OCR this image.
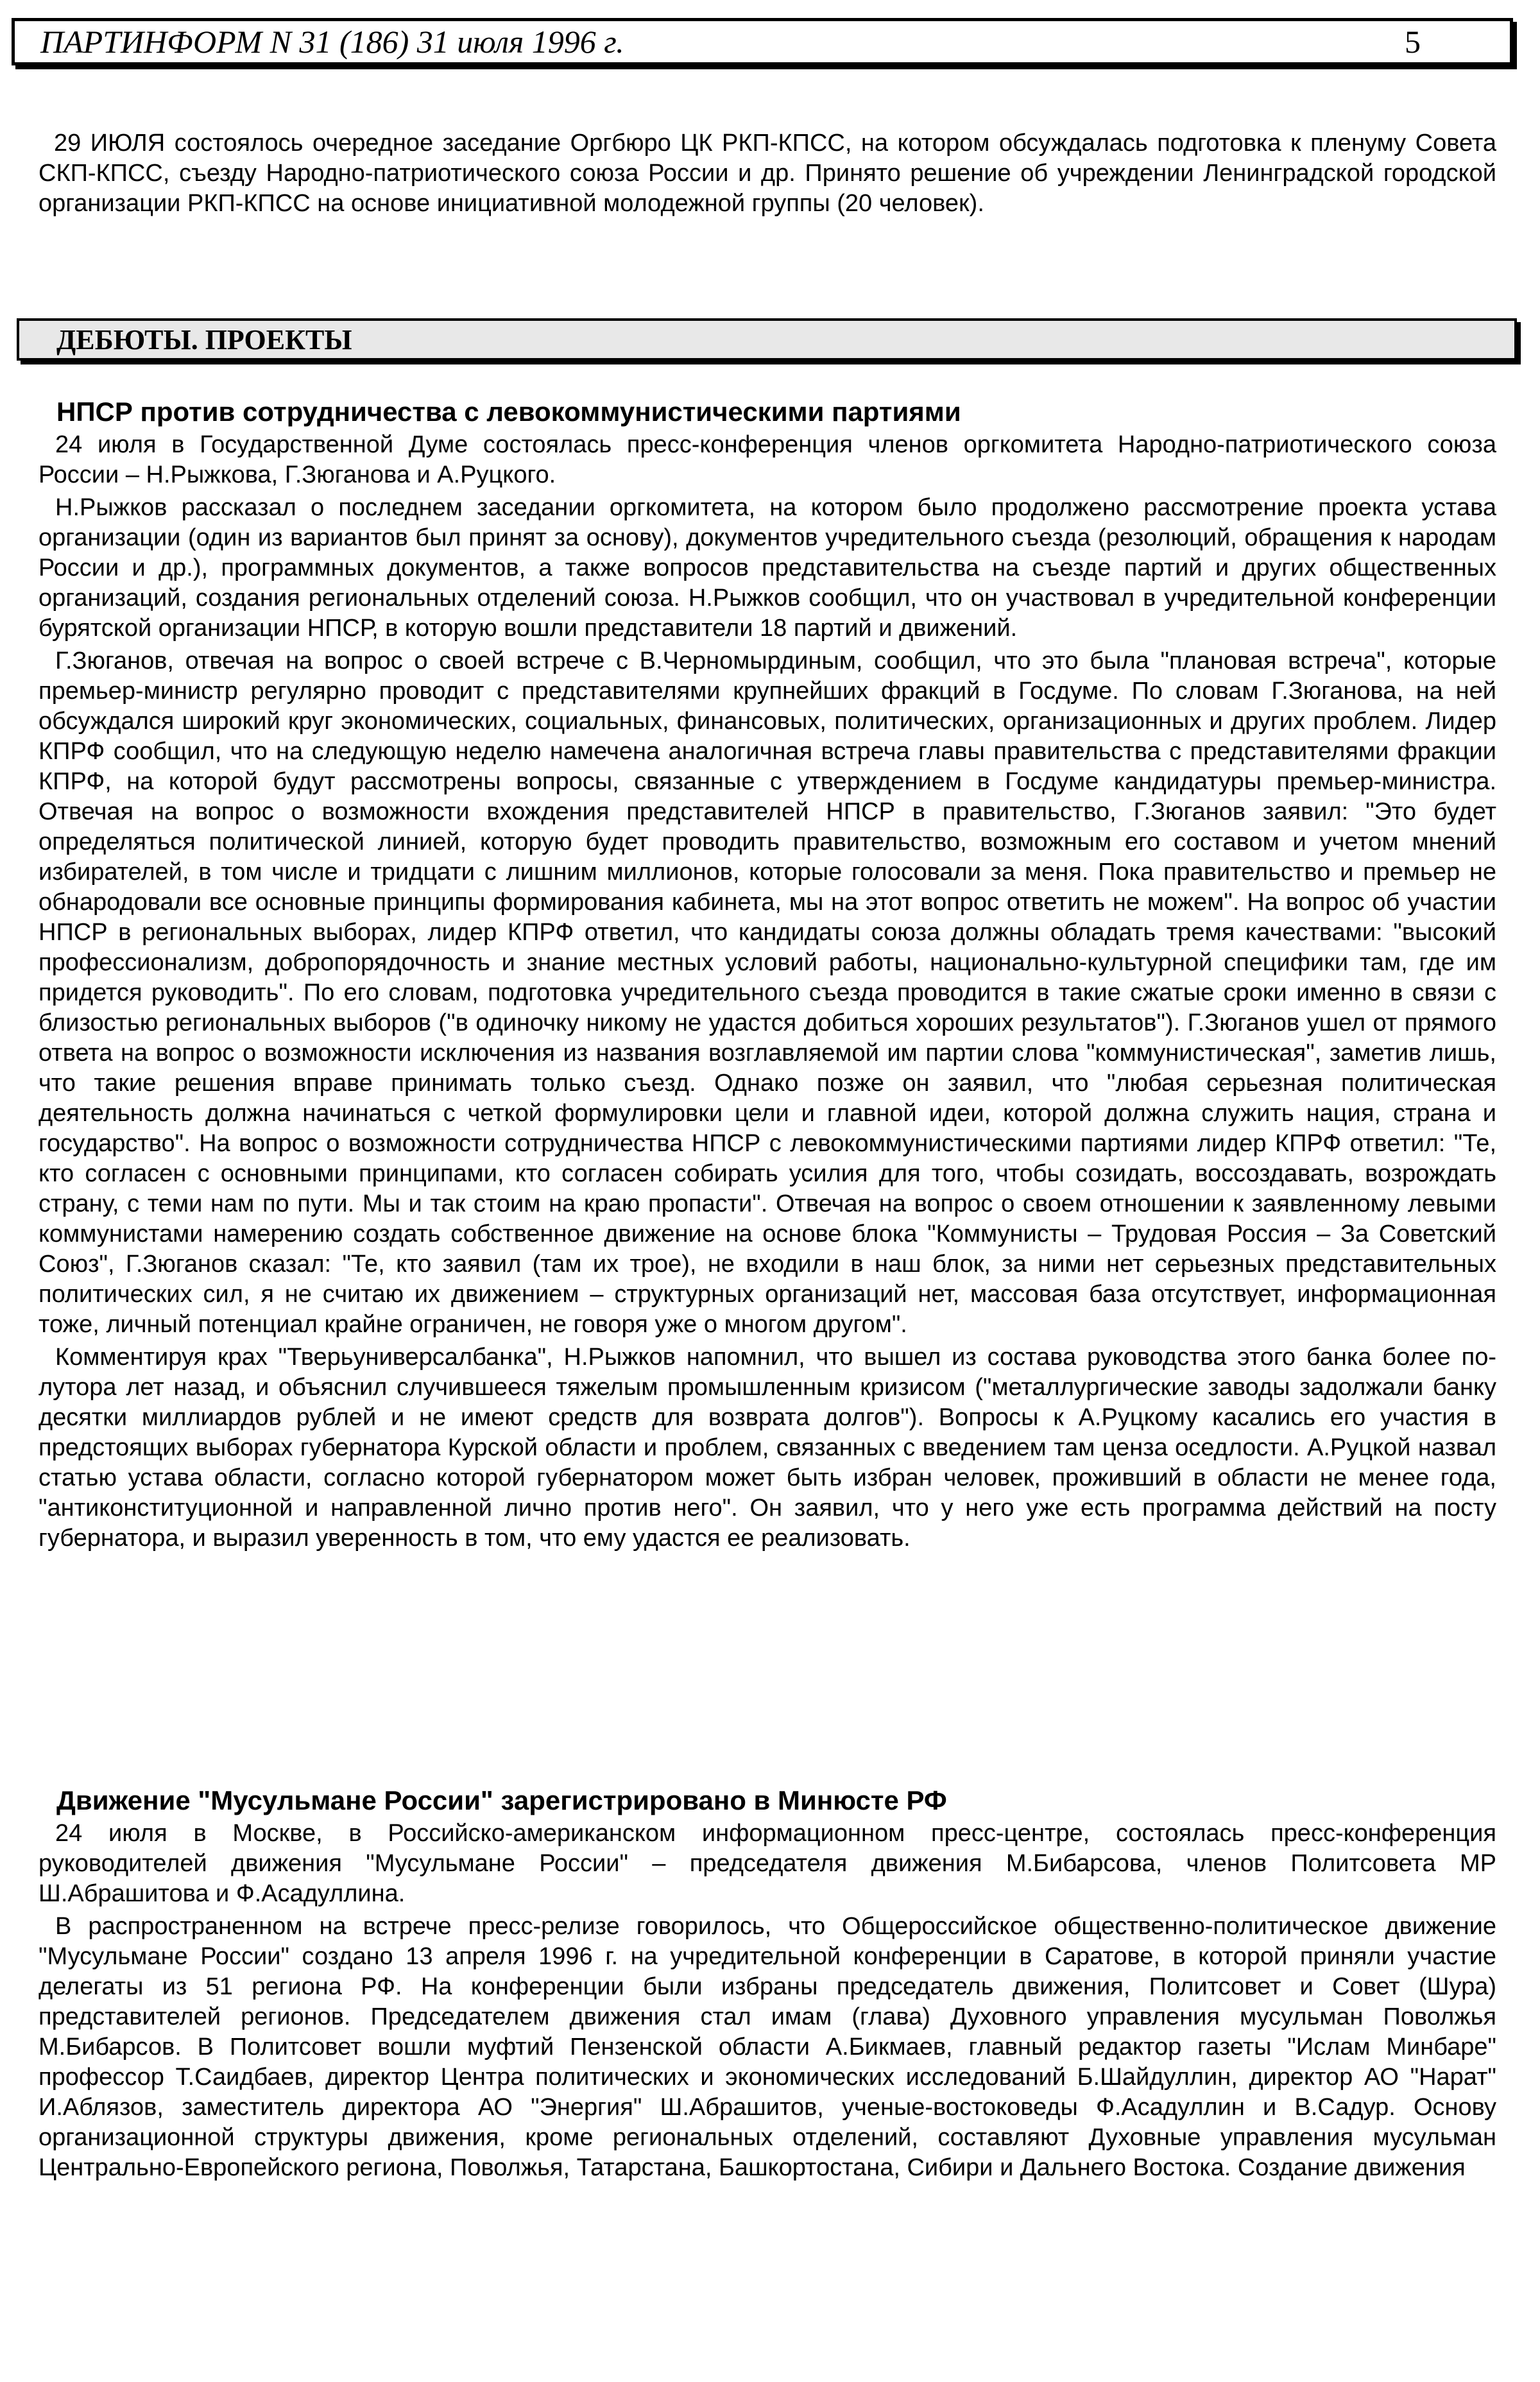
ПАРТИНФОРМ N 31 (186) 31 июля 1996 г.	5

29 ИЮЛЯ состоялось очередное заседание Оргбюро ЦК РКП-КПСС, на котором обсуждалась подготовка к пленуму Совета СКП-КПСС, съезду Народно-патриотического союза России и др. Принято решение об учреждении Ленинградской городской организации РКП-КПСС на основе инициативной молодежной группы (20 человек).

ДЕБЮТЫ. ПРОЕКТЫ
НПСР против сотрудничества с левокоммунистическими партиями

24 июля в Государственной Думе состоялась пресс-конференция членов оргкомитета Народно-патриотического союза России – Н.Рыжкова, Г.Зюганова и А.Руцкого.

Н.Рыжков рассказал о последнем заседании оргкомитета, на котором было продолжено рассмотрение проекта устава организации (один из вариантов был принят за основу), документов учредительного съезда (резолюций, обращения к народам России и др.), программных документов, а также вопросов представительства на съезде партий и других общественных организаций, создания региональных отделений союза. Н.Рыжков сообщил, что он участвовал в учредительной конференции бурятской организации НПСР, в которую вошли представители 18 партий и движений.

Г.Зюганов, отвечая на вопрос о своей встрече с В.Черномырдиным, сообщил, что это была "плановая встреча", которые премьер-министр регулярно проводит с представителями крупнейших фракций в Госдуме. По словам Г.Зюганова, на ней обсуждался широкий круг экономических, социальных, финансовых, политических, организационных и других проблем. Лидер КПРФ сообщил, что на следующую неделю намечена аналогичная встреча главы правительства с представителями фракции КПРФ, на которой будут рассмотрены вопросы, связанные с утверждением в Госдуме кандидатуры премьер-министра. Отвечая на вопрос о возможности вхождения представителей НПСР в правительство, Г.Зюганов заявил: "Это будет определяться политической линией, которую будет проводить правительство, возможным его составом и учетом мнений избирателей, в том числе и тридцати с лишним миллионов, которые голосовали за меня. Пока правительство и премьер не обнародовали все основные принципы формирования кабинета, мы на этот вопрос ответить не можем". На вопрос об участии НПСР в региональных выборах, лидер КПРФ ответил, что кандидаты союза должны обладать тремя качествами: "высокий профессионализм, добропорядочность и знание местных условий работы, национально-культурной специфики там, где им придется руководить". По его словам, подготовка учредительного съезда проводится в такие сжатые сроки именно в связи с близостью региональных выборов ("в одиночку никому не удастся добиться хороших результатов"). Г.Зюганов ушел от прямого ответа на вопрос о возможности исключения из названия возглавляемой им партии слова "коммунистическая", заметив лишь, что такие решения вправе принимать только съезд. Однако позже он заявил, что "любая серьезная политическая деятельность должна начинаться с четкой формулировки цели и главной идеи, которой должна служить нация, страна и государство". На вопрос о возможности сотрудничества НПСР с левокоммунистическими партиями лидер КПРФ ответил: "Те, кто согласен с основными принципами, кто согласен собирать усилия для того, чтобы созидать, воссоздавать, возрождать страну, с теми нам по пути. Мы и так стоим на краю пропасти". Отвечая на вопрос о своем отношении к заявленному левыми коммунистами намерению создать собственное движение на основе блока "Коммунисты – Трудовая Россия – За Советский Союз", Г.Зюганов сказал: "Те, кто заявил (там их трое), не входили в наш блок, за ними нет серьезных представительных политических сил, я не считаю их движением – структурных организаций нет, массовая база отсутствует, информационная тоже, личный потенциал крайне ограничен, не говоря уже о многом другом".

Комментируя крах "Тверьуниверсалбанка", Н.Рыжков напомнил, что вышел из состава руководства этого банка более по-лутора лет назад, и объяснил случившееся тяжелым промышленным кризисом ("металлургические заводы задолжали банку десятки миллиардов рублей и не имеют средств для возврата долгов"). Вопросы к А.Руцкому касались его участия в предстоящих выборах губернатора Курской области и проблем, связанных с введением там ценза оседлости. А.Руцкой назвал статью устава области, согласно которой губернатором может быть избран человек, проживший в области не менее года, "антиконституционной и направленной лично против него". Он заявил, что у него уже есть программа действий на посту губернатора, и выразил уверенность в том, что ему удастся ее реализовать.

Движение "Мусульмане России" зарегистрировано в Минюсте РФ

24 июля в Москве, в Российско-американском информационном пресс-центре, состоялась пресс-конференция руководителей движения "Мусульмане России" – председателя движения М.Бибарсова, членов Политсовета МР Ш.Абрашитова и Ф.Асадуллина.

В распространенном на встрече пресс-релизе говорилось, что Общероссийское общественно-политическое движение "Мусульмане России" создано 13 апреля 1996 г. на учредительной конференции в Саратове, в которой приняли участие делегаты из 51 региона РФ. На конференции были избраны председатель движения, Политсовет и Совет (Шура) представителей регионов. Председателем движения стал имам (глава) Духовного управления мусульман Поволжья М.Бибарсов. В Политсовет вошли муфтий Пензенской области А.Бикмаев, главный редактор газеты "Ислам Минбаре" профессор Т.Саидбаев, директор Центра политических и экономических исследований Б.Шайдуллин, директор АО "Нарат" И.Аблязов, заместитель директора АО "Энергия" Ш.Абрашитов, ученые-востоковеды Ф.Асадуллин и В.Садур. Основу организационной структуры движения, кроме региональных отделений, составляют Духовные управления мусульман Центрально-Европейского региона, Поволжья, Татарстана, Башкортостана, Сибири и Дальнего Востока. Создание движения
